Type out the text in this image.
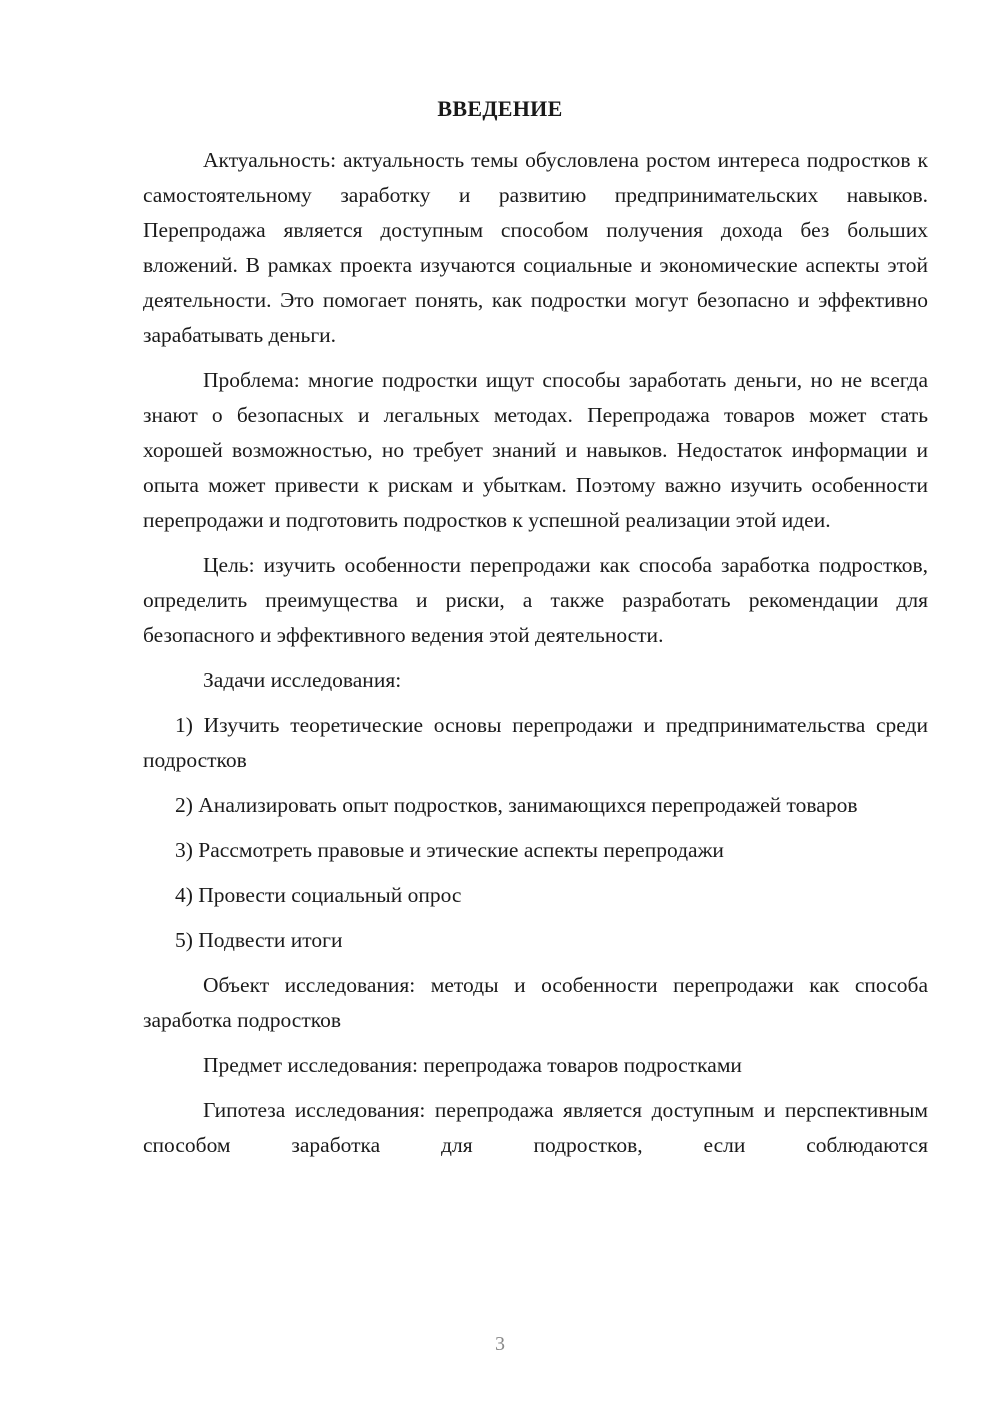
ВВЕДЕНИЕ

Актуальность: актуальность темы обусловлена ростом интереса подростков к самостоятельному заработку и развитию предпринимательских навыков. Перепродажа является доступным способом получения дохода без больших вложений. В рамках проекта изучаются социальные и экономические аспекты этой деятельности. Это помогает понять, как подростки могут безопасно и эффективно зарабатывать деньги.

Проблема: многие подростки ищут способы заработать деньги, но не всегда знают о безопасных и легальных методах. Перепродажа товаров может стать хорошей возможностью, но требует знаний и навыков. Недостаток информации и опыта может привести к рискам и убыткам. Поэтому важно изучить особенности перепродажи и подготовить подростков к успешной реализации этой идеи.

Цель: изучить особенности перепродажи как способа заработка подростков, определить преимущества и риски, а также разработать рекомендации для безопасного и эффективного ведения этой деятельности.

Задачи исследования:

1) Изучить теоретические основы перепродажи и предпринимательства среди подростков

2) Анализировать опыт подростков, занимающихся перепродажей товаров

3) Рассмотреть правовые и этические аспекты перепродажи

4) Провести социальный опрос

5) Подвести итоги

Объект исследования: методы и особенности перепродажи как способа заработка подростков

Предмет исследования: перепродажа товаров подростками

Гипотеза исследования: перепродажа является доступным и перспективным способом заработка для подростков, если соблюдаются

3
